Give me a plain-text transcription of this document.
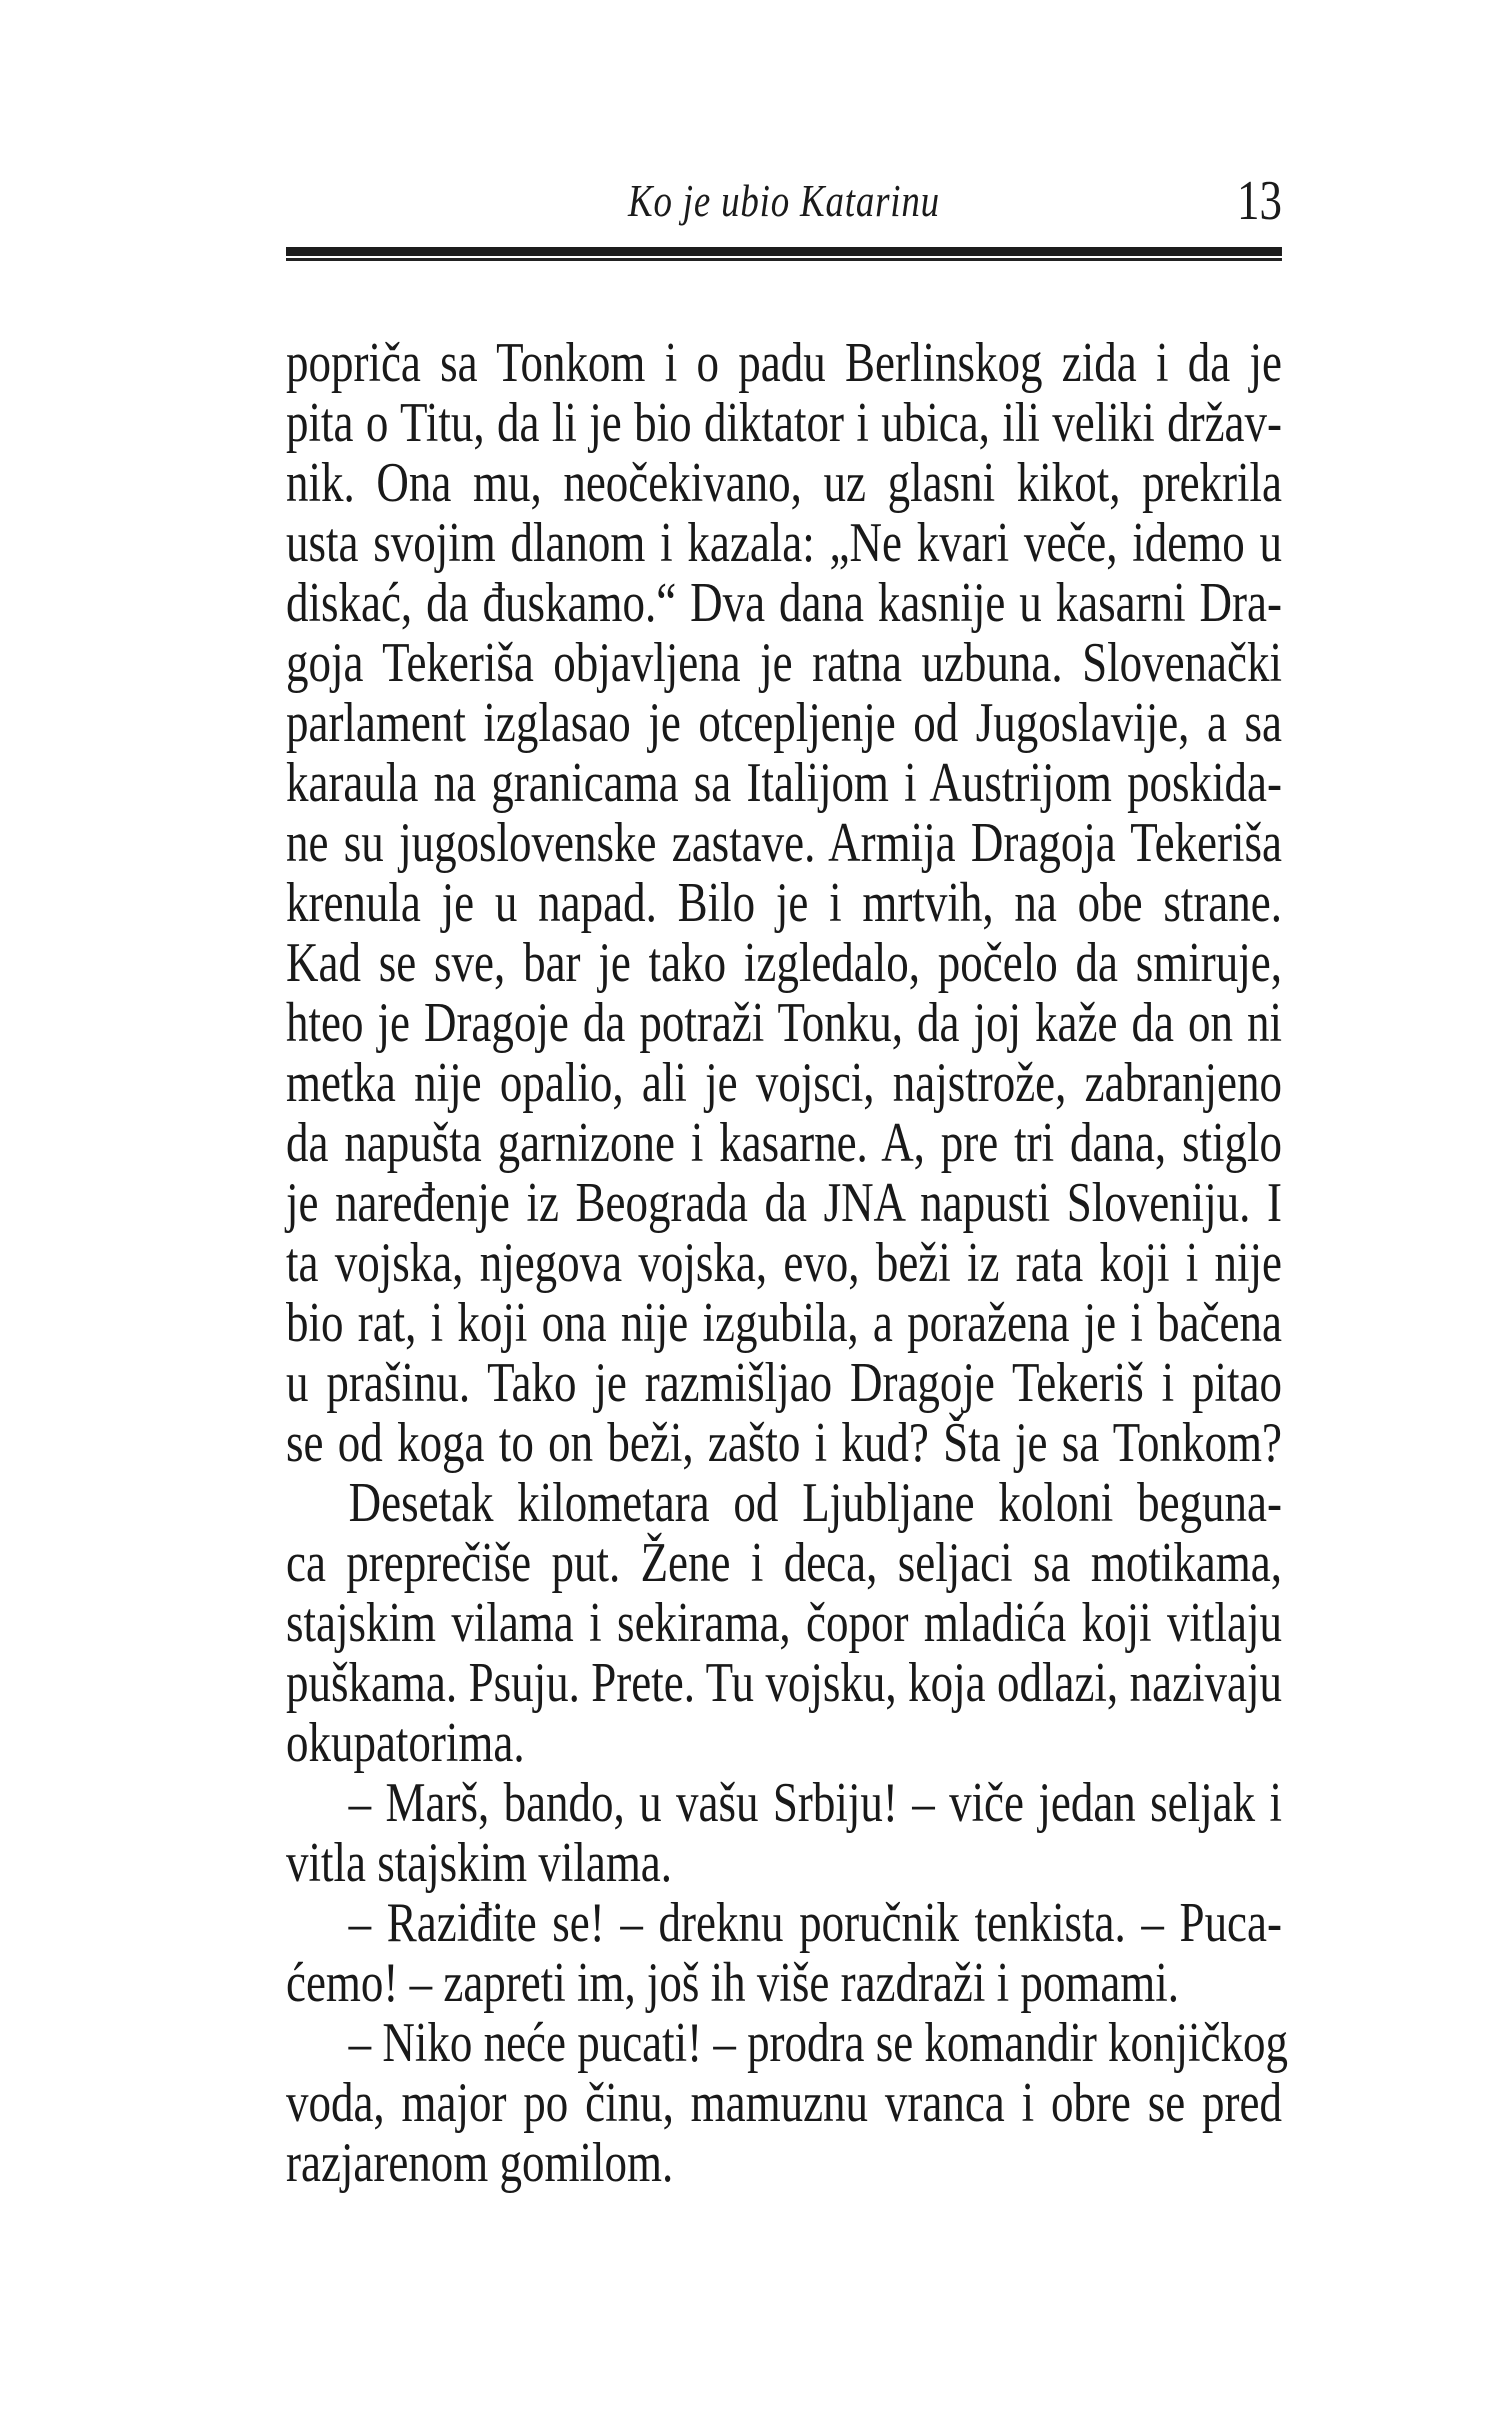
Ko je ubio Katarinu	13
popriča sa Tonkom i o padu Berlinskog zida i da je
pita o Titu, da li je bio diktator i ubica, ili veliki držav-
nik. Ona mu, neočekivano, uz glasni kikot, prekrila
usta svojim dlanom i kazala: „Ne kvari veče, idemo u
diskać, da đuskamo.“ Dva dana kasnije u kasarni Dra-
goja Tekeriša objavljena je ratna uzbuna. Slovenački
parlament izglasao je otcepljenje od Jugoslavije, a sa
karaula na granicama sa Italijom i Austrijom poskida-
ne su jugoslovenske zastave. Armija Dragoja Tekeriša
krenula je u napad. Bilo je i mrtvih, na obe strane.
Kad se sve, bar je tako izgledalo, počelo da smiruje,
hteo je Dragoje da potraži Tonku, da joj kaže da on ni
metka nije opalio, ali je vojsci, najstrože, zabranjeno
da napušta garnizone i kasarne. A, pre tri dana, stiglo
je naređenje iz Beograda da JNA napusti Sloveniju. I
ta vojska, njegova vojska, evo, beži iz rata koji i nije
bio rat, i koji ona nije izgubila, a poražena je i bačena
u prašinu. Tako je razmišljao Dragoje Tekeriš i pitao
se od koga to on beži, zašto i kud? Šta je sa Tonkom?
Desetak kilometara od Ljubljane koloni beguna-
ca preprečiše put. Žene i deca, seljaci sa motikama,
stajskim vilama i sekirama, čopor mladića koji vitlaju
puškama. Psuju. Prete. Tu vojsku, koja odlazi, nazivaju
okupatorima.
– Marš, bando, u vašu Srbiju! – viče jedan seljak i
vitla stajskim vilama.
– Raziđite se! – dreknu poručnik tenkista. – Puca-
ćemo! – zapreti im, još ih više razdraži i pomami.
– Niko neće pucati! – prodra se komandir konjičkog
voda, major po činu, mamuznu vranca i obre se pred
razjarenom gomilom.
